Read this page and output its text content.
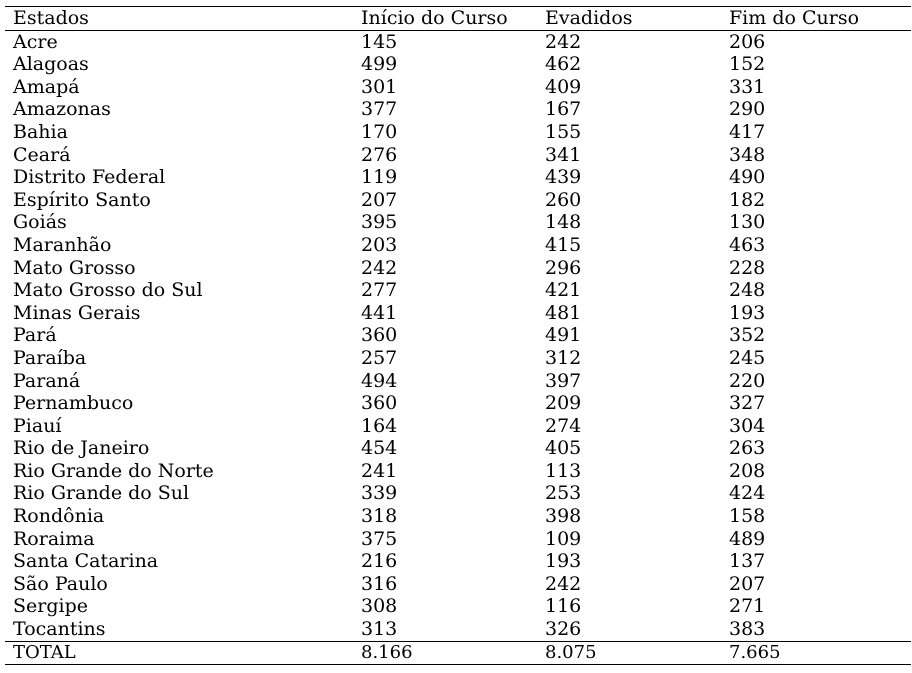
Estados	Início do Curso	Evadidos	Fim do Curso
Acre	145	242	206
Alagoas	499	462	152
Amapá	301	409	331
Amazonas	377	167	290
Bahia	170	155	417
Ceará	276	341	348
Distrito Federal	119	439	490
Espírito Santo	207	260	182
Goiás	395	148	130
Maranhão	203	415	463
Mato Grosso	242	296	228
Mato Grosso do Sul	277	421	248
Minas Gerais	441	481	193
Pará	360	491	352
Paraíba	257	312	245
Paraná	494	397	220
Pernambuco	360	209	327
Piauí	164	274	304
Rio de Janeiro	454	405	263
Rio Grande do Norte	241	113	208
Rio Grande do Sul	339	253	424
Rondônia	318	398	158
Roraima	375	109	489
Santa Catarina	216	193	137
São Paulo	316	242	207
Sergipe	308	116	271
Tocantins	313	326	383
TOTAL	8.166	8.075	7.665
